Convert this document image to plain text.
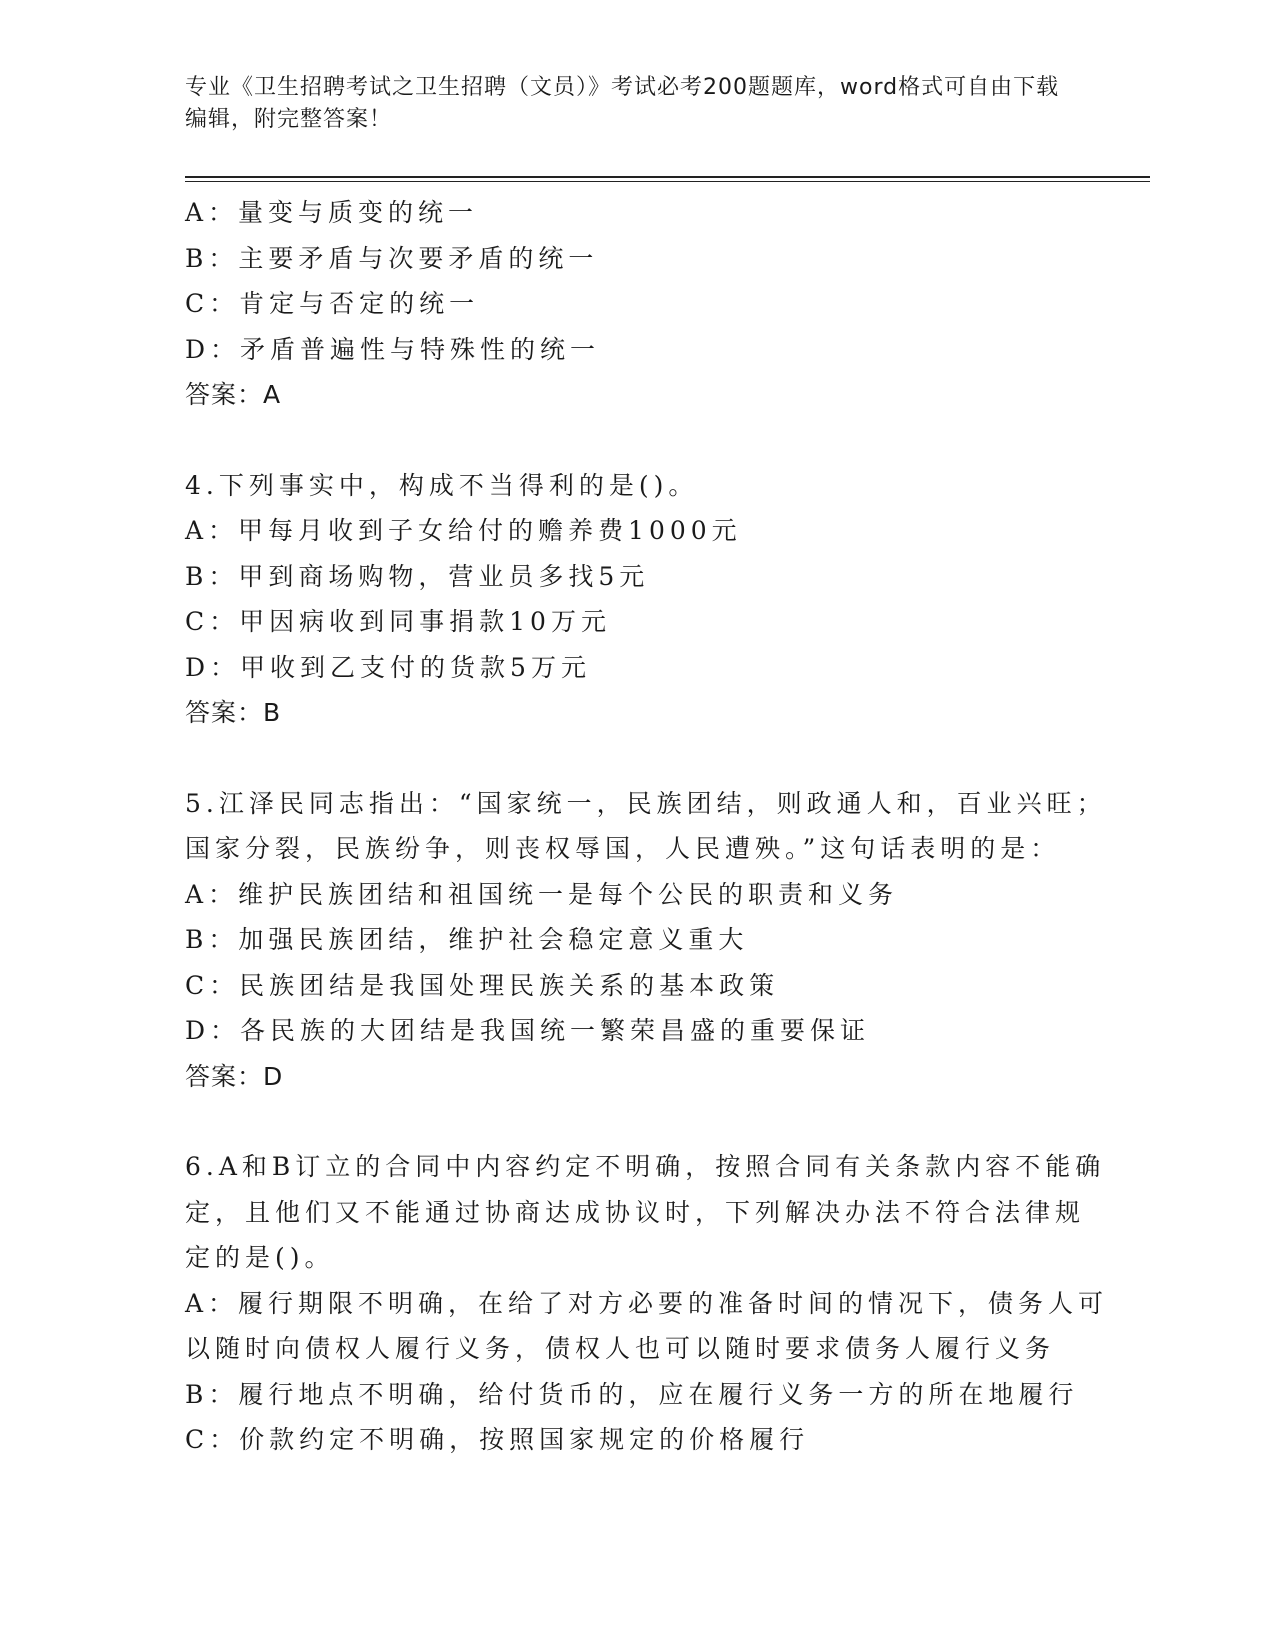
专业《卫生招聘考试之卫生招聘（文员）》考试必考200题题库，word格式可自由下载编辑，附完整答案！

A：量变与质变的统一

B：主要矛盾与次要矛盾的统一

C：肯定与否定的统一

D：矛盾普遍性与特殊性的统一

答案：A

4.下列事实中，构成不当得利的是()。

A：甲每月收到子女给付的赡养费1000元

B：甲到商场购物，营业员多找5元

C：甲因病收到同事捐款10万元

D：甲收到乙支付的货款5万元

答案：B

5.江泽民同志指出：“国家统一，民族团结，则政通人和，百业兴旺；

国家分裂，民族纷争，则丧权辱国，人民遭殃。”这句话表明的是：

A：维护民族团结和祖国统一是每个公民的职责和义务

B：加强民族团结，维护社会稳定意义重大

C：民族团结是我国处理民族关系的基本政策

D：各民族的大团结是我国统一繁荣昌盛的重要保证

答案：D

6.A和B订立的合同中内容约定不明确，按照合同有关条款内容不能确

定，且他们又不能通过协商达成协议时，下列解决办法不符合法律规

定的是()。

A：履行期限不明确，在给了对方必要的准备时间的情况下，债务人可

以随时向债权人履行义务，债权人也可以随时要求债务人履行义务

B：履行地点不明确，给付货币的，应在履行义务一方的所在地履行

C：价款约定不明确，按照国家规定的价格履行
